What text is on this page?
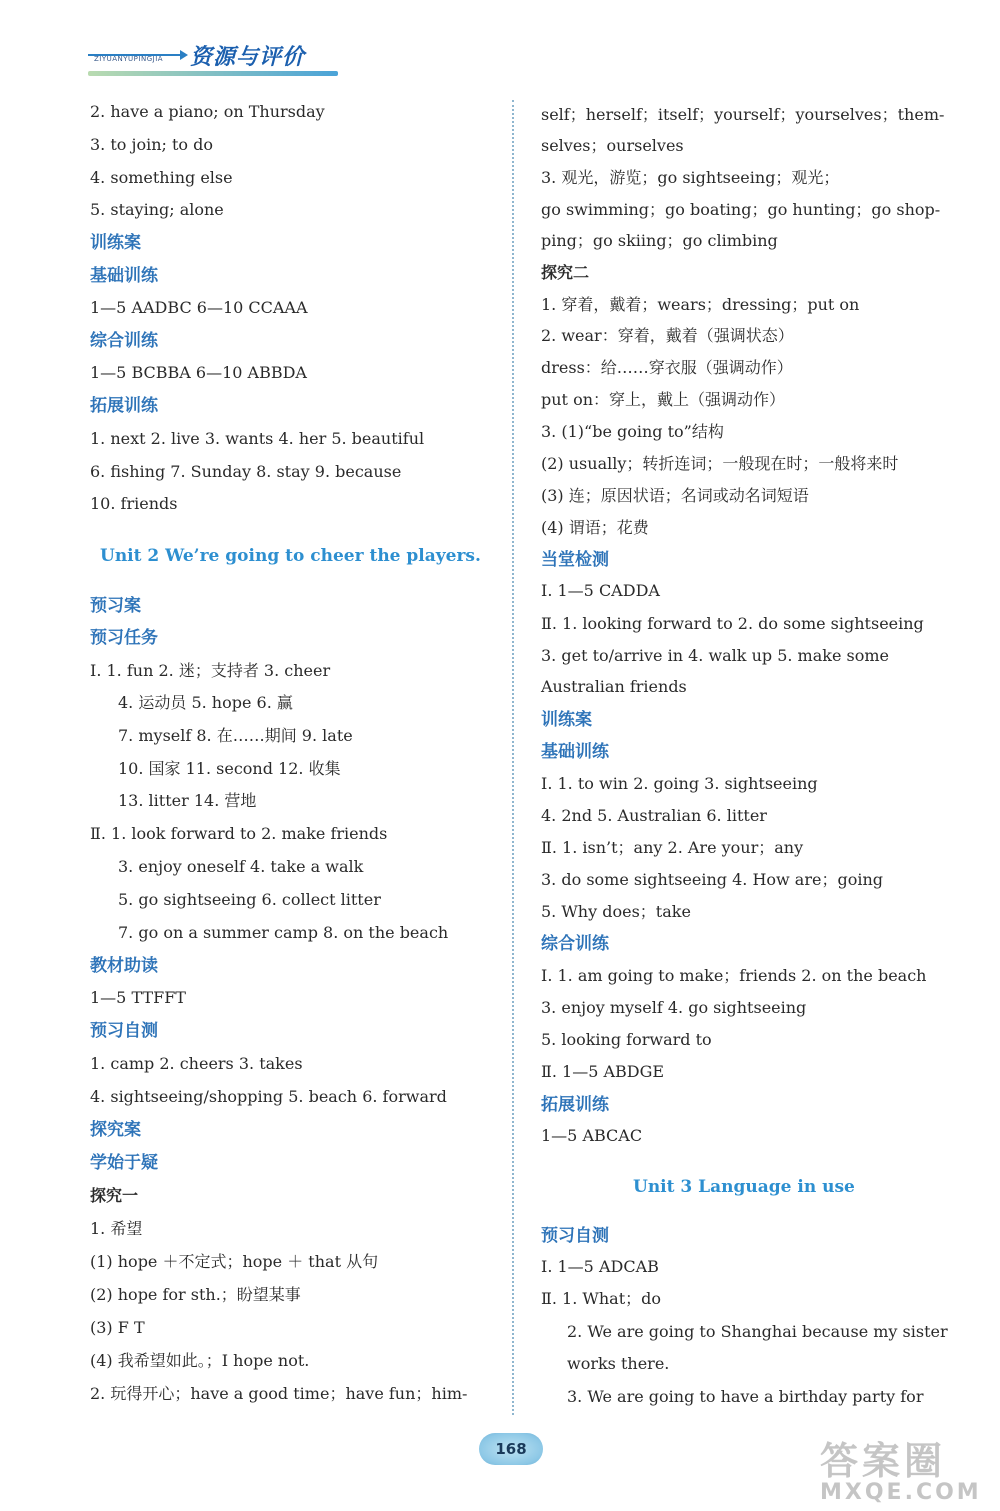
ZIYUANYUPINGJIA 资源与评价
2. have a piano; on Thursday
3. to join; to do
4. something else
5. staying; alone
训练案
基础训练
1—5 AADBC 6—10 CCAAA
综合训练
1—5 BCBBA 6—10 ABBDA
拓展训练
1. next 2. live 3. wants 4. her 5. beautiful
6. fishing 7. Sunday 8. stay 9. because
10. friends
Unit 2 We’re going to cheer the players.
预习案
预习任务
Ⅰ. 1. fun 2. 迷；支持者 3. cheer
4. 运动员 5. hope 6. 赢
7. myself 8. 在……期间 9. late
10. 国家 11. second 12. 收集
13. litter 14. 营地
Ⅱ. 1. look forward to 2. make friends
3. enjoy oneself 4. take a walk
5. go sightseeing 6. collect litter
7. go on a summer camp 8. on the beach
教材助读
1—5 TTFFT
预习自测
1. camp 2. cheers 3. takes
4. sightseeing/shopping 5. beach 6. forward
探究案
学始于疑
探究一
1. 希望
(1) hope ＋不定式；hope ＋ that 从句
(2) hope for sth.；盼望某事
(3) F T
(4) 我希望如此。；I hope not.
2. 玩得开心；have a good time；have fun；him-
self；herself；itself；yourself；yourselves；them-
selves；ourselves
3. 观光，游览；go sightseeing；观光；
go swimming；go boating；go hunting；go shop-
ping；go skiing；go climbing
探究二
1. 穿着，戴着；wears；dressing；put on
2. wear：穿着，戴着（强调状态）
dress：给……穿衣服（强调动作）
put on：穿上，戴上（强调动作）
3. (1)“be going to”结构
(2) usually；转折连词；一般现在时；一般将来时
(3) 连；原因状语；名词或动名词短语
(4) 谓语；花费
当堂检测
Ⅰ. 1—5 CADDA
Ⅱ. 1. looking forward to 2. do some sightseeing
3. get to/arrive in 4. walk up 5. make some
Australian friends
训练案
基础训练
Ⅰ. 1. to win 2. going 3. sightseeing
4. 2nd 5. Australian 6. litter
Ⅱ. 1. isn’t；any 2. Are your；any
3. do some sightseeing 4. How are；going
5. Why does；take
综合训练
Ⅰ. 1. am going to make；friends 2. on the beach
3. enjoy myself 4. go sightseeing
5. looking forward to
Ⅱ. 1—5 ABDGE
拓展训练
1—5 ABCAC
Unit 3 Language in use
预习自测
Ⅰ. 1—5 ADCAB
Ⅱ. 1. What；do
2. We are going to Shanghai because my sister
works there.
3. We are going to have a birthday party for
168	答案圈
MXQE.COM
